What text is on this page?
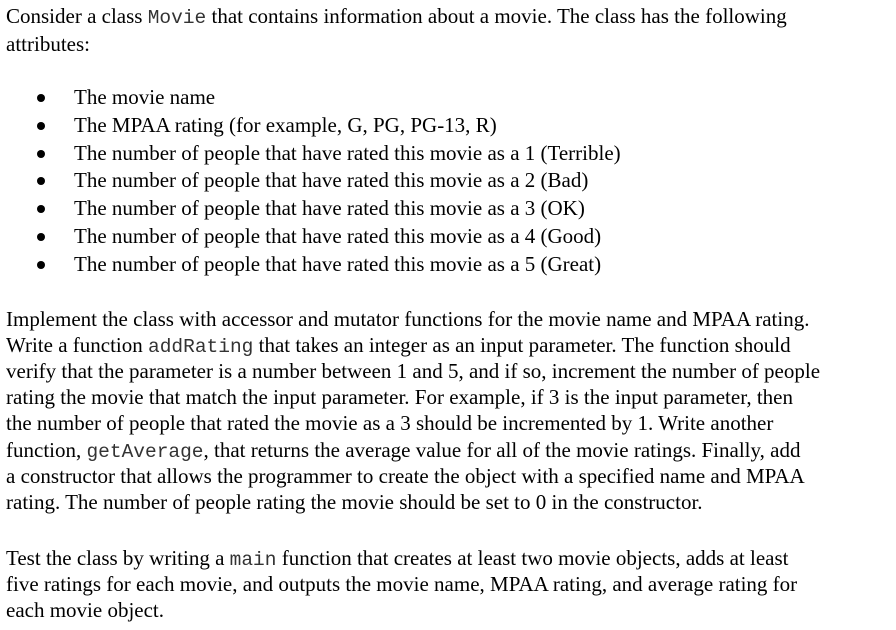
Consider a class Movie that contains information about a movie. The class has the following
attributes:
The movie name
The MPAA rating (for example, G, PG, PG-13, R)
The number of people that have rated this movie as a 1 (Terrible)
The number of people that have rated this movie as a 2 (Bad)
The number of people that have rated this movie as a 3 (OK)
The number of people that have rated this movie as a 4 (Good)
The number of people that have rated this movie as a 5 (Great)
Implement the class with accessor and mutator functions for the movie name and MPAA rating.
Write a function addRating that takes an integer as an input parameter. The function should
verify that the parameter is a number between 1 and 5, and if so, increment the number of people
rating the movie that match the input parameter. For example, if 3 is the input parameter, then
the number of people that rated the movie as a 3 should be incremented by 1. Write another
function, getAverage, that returns the average value for all of the movie ratings. Finally, add
a constructor that allows the programmer to create the object with a specified name and MPAA
rating. The number of people rating the movie should be set to 0 in the constructor.
Test the class by writing a main function that creates at least two movie objects, adds at least
five ratings for each movie, and outputs the movie name, MPAA rating, and average rating for
each movie object.
